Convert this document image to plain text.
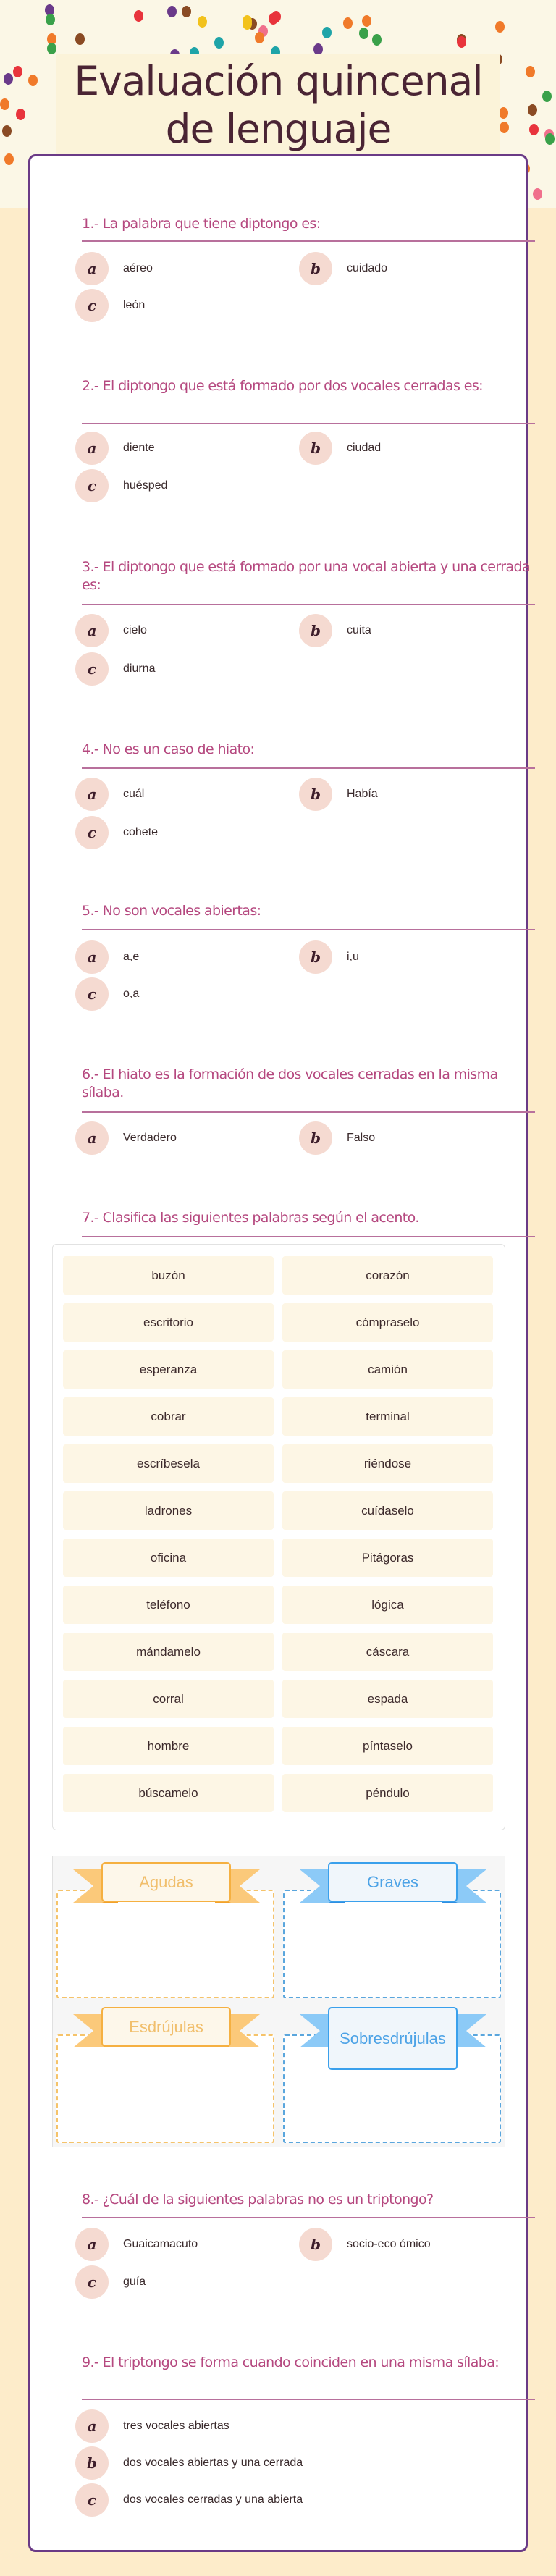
Evaluación quincenal de lenguaje
1.- La palabra que tiene diptongo es:
a	aéreo	b	cuidado
c	león
2.- El diptongo que está formado por dos vocales cerradas es:
a	diente	b	ciudad
c	huésped
3.- El diptongo que está formado por una vocal abierta y una cerrada es:
a	cielo	b	cuita
c	diurna
4.- No es un caso de hiato:
a	cuál	b	Había
c	cohete
5.- No son vocales abiertas:
a	a,e	b	i,u
c	o,a
6.- El hiato es la formación de dos vocales cerradas en la misma sílaba.
a	Verdadero	b	Falso
7.- Clasifica las siguientes palabras según el acento.
8.- ¿Cuál de la siguientes palabras no es un triptongo?
a	Guaicamacuto	b	socio-eco ómico
c	guía
9.- El triptongo se forma cuando coinciden en una misma sílaba:
a	tres vocales abiertas
b	dos vocales abiertas y una cerrada
c	dos vocales cerradas y una abierta
buzón	corazón
escritorio	cómpraselo
esperanza	camión
cobrar	terminal
escríbesela	riéndose
ladrones	cuídaselo
oficina	Pitágoras
teléfono	lógica
mándamelo	cáscara
corral	espada
hombre	píntaselo
búscamelo	péndulo
Agudas	Graves
Esdrújulas
Sobresdrújulas
